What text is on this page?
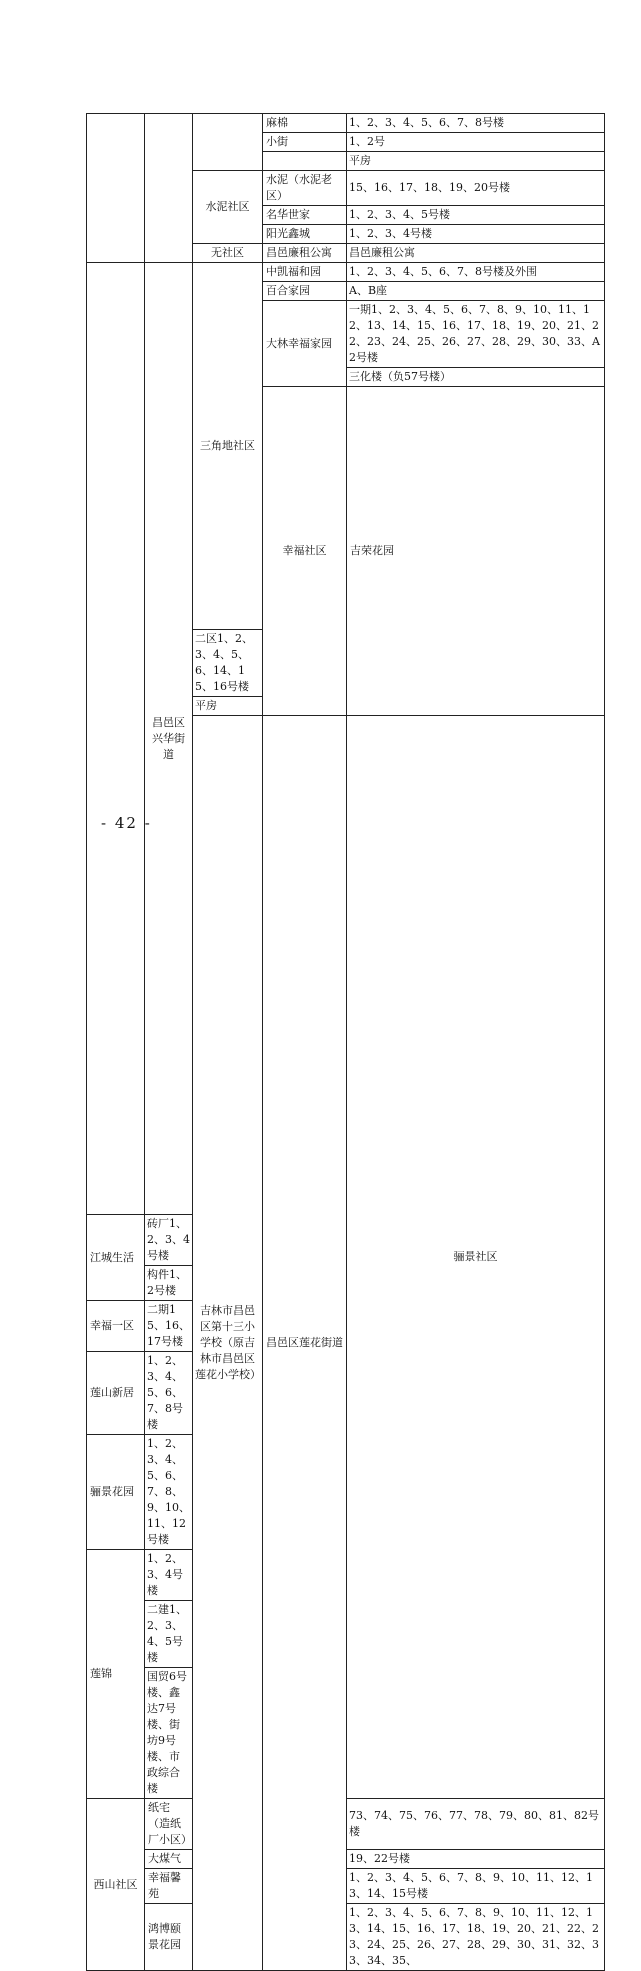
			麻棉	1、2、3、4、5、6、7、8号楼	
			小街	1、2号	
				平房	
		水泥社区	水泥（水泥老区）	15、16、17、18、19、20号楼	
			名华世家	1、2、3、4、5号楼	
			阳光鑫城	1、2、3、4号楼	
		无社区	昌邑廉租公寓	昌邑廉租公寓	
	昌邑区兴华街道	三角地社区	中凯福和园	1、2、3、4、5、6、7、8号楼及外围	
			百合家园	A、B座	
			大林幸福家园	一期1、2、3、4、5、6、7、8、9、10、11、12、13、14、15、16、17、18、19、20、21、22、23、24、25、26、27、28、29、30、33、A2号楼	
				三化楼（负57号楼）	
			幸福社区	吉荣花园	
		二区1、2、3、4、5、6、14、15、16号楼			
		平房			
		吉林市昌邑区第十三小学校（原吉林市昌邑区莲花小学校）	昌邑区莲花街道	骊景社区		
江城生活	砖厂1、2、3、4号楼				
	构件1、2号楼				
幸福一区	二期15、16、17号楼				
莲山新居	1、2、3、4、5、6、7、8号楼				
骊景花园	1、2、3、4、5、6、7、8、9、10、11、12号楼				
莲锦	1、2、3、4号楼				
	二建1、2、3、4、5号楼				
	国贸6号楼、鑫达7号楼、街坊9号楼、市政综合楼				
西山社区	纸宅（造纸厂小区）			73、74、75、76、77、78、79、80、81、82号楼	
	大煤气			19、22号楼	
	幸福馨苑			1、2、3、4、5、6、7、8、9、10、11、12、13、14、15号楼	
	鸿博颐景花园			1、2、3、4、5、6、7、8、9、10、11、12、13、14、15、16、17、18、19、20、21、22、23、24、25、26、27、28、29、30、31、32、33、34、35、	
- 42 -
